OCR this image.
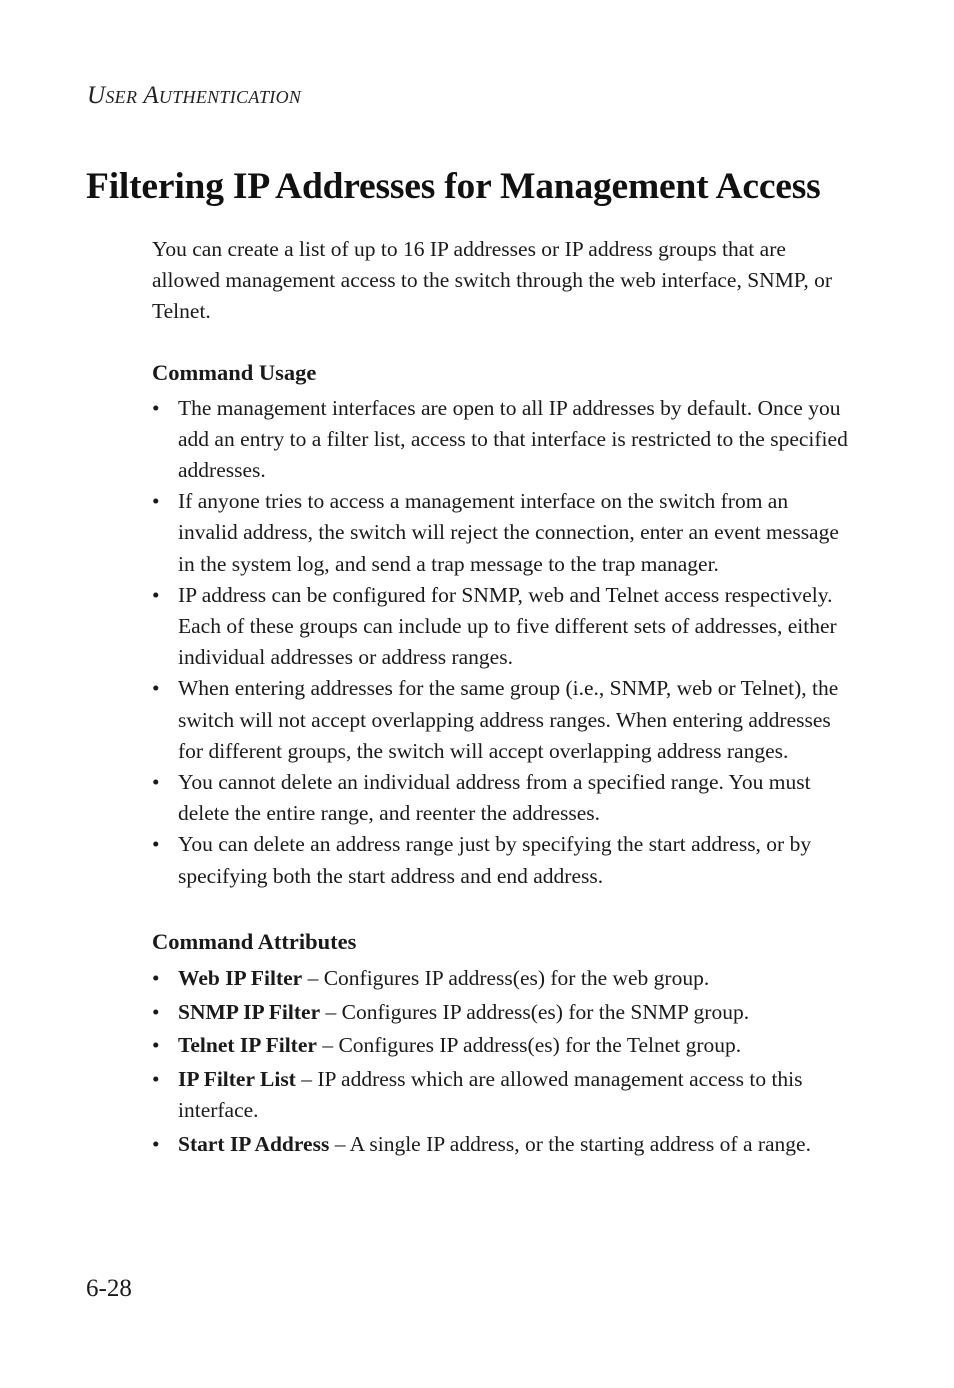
User Authentication
Filtering IP Addresses for Management Access

You can create a list of up to 16 IP addresses or IP address groups that are allowed management access to the switch through the web interface, SNMP, or Telnet.

Command Usage
• The management interfaces are open to all IP addresses by default. Once you add an entry to a filter list, access to that interface is restricted to the specified addresses.
• If anyone tries to access a management interface on the switch from an invalid address, the switch will reject the connection, enter an event message in the system log, and send a trap message to the trap manager.
• IP address can be configured for SNMP, web and Telnet access respectively. Each of these groups can include up to five different sets of addresses, either individual addresses or address ranges.
• When entering addresses for the same group (i.e., SNMP, web or Telnet), the switch will not accept overlapping address ranges. When entering addresses for different groups, the switch will accept overlapping address ranges.
• You cannot delete an individual address from a specified range. You must delete the entire range, and reenter the addresses.
• You can delete an address range just by specifying the start address, or by specifying both the start address and end address.
Command Attributes
• Web IP Filter – Configures IP address(es) for the web group.
• SNMP IP Filter – Configures IP address(es) for the SNMP group.
• Telnet IP Filter – Configures IP address(es) for the Telnet group.
• IP Filter List – IP address which are allowed management access to this interface.
• Start IP Address – A single IP address, or the starting address of a range.
6-28
